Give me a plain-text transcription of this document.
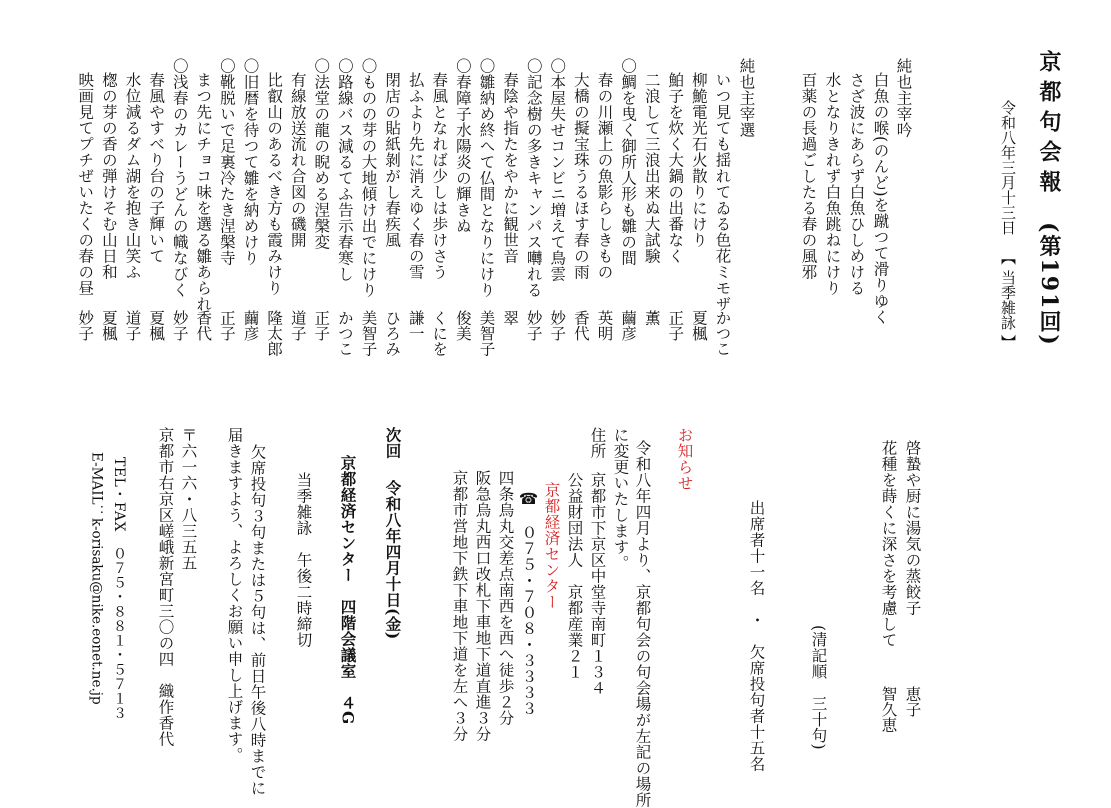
京都句会報
(第191回)
令和八年三月十三日
【 当季雑詠 】
純也主宰吟
白魚の喉(のんど)を蹴つて滑りゆく
さざ波にあらず白魚ひしめける
水となりきれず白魚跳ねにけり
百薬の長過ごしたる春の風邪
純也主宰選
いつ見ても揺れてゐる色花ミモザ
かつこ
柳鮠電光石火散りにけり
夏楓
鮊子を炊く大鍋の出番なく
正子
二浪して三浪出来ぬ大試験
薫
〇鯛を曳く御所人形も雛の間
繭彦
春の川瀬上の魚影らしきもの
英明
大橋の擬宝珠うるほす春の雨
香代
〇本屋失せコンビニ増えて鳥雲
妙子
〇記念樹の多きキャンパス囀れる
妙子
春陰や指たをやかに観世音
翠
〇雛納め終へて仏間となりにけり
美智子
〇春障子水陽炎の輝きぬ
俊美
春風となれば少しは歩けさう
くにを
払ふより先に消えゆく春の雪
謙一
閉店の貼紙剝がし春疾風
ひろみ
〇ものの芽の大地傾け出でにけり
美智子
〇路線バス減るてふ告示春寒し
かつこ
〇法堂の龍の睨める涅槃変
正子
有線放送流れ合図の磯開
道子
比叡山のあるべき方も霞みけり
隆太郎
〇旧暦を待つて雛を納めけり
繭彦
〇靴脱いで足裏冷たき涅槃寺
正子
まつ先にチョコ味を選る雛あられ
香代
〇浅春のカレーうどんの幟なびく
妙子
春風やすべり台の子輝いて
夏楓
水位減るダム湖を抱き山笑ふ
道子
楤の芽の香の弾けそむ山日和
夏楓
映画見てプチぜいたくの春の昼
妙子
啓蟄や厨に湯気の蒸餃子
恵子
花種を蒔くに深さを考慮して
智久恵
(清記順　三十句)
出席者十一名　・　欠席投句者十五名
お知らせ
令和八年四月より、京都句会の句会場が左記の場所
に変更いたします。
住所
京都市下京区中堂寺南町１３４
公益財団法人　京都産業２１
京都経済センター
☎　０７５・７０８・３３３３
四条烏丸交差点南西を西へ徒歩２分
阪急烏丸西口改札下車地下道直進３分
京都市営地下鉄下車地下道を左へ３分
次回
令和八年四月十日(金)
京都経済センター　四階会議室　４G
当季雑詠　午後二時締切
欠席投句３句または５句は、前日午後八時までに
届きますよう、よろしくお願い申し上げます。
〒六一六・八三五五
京都市右京区嵯峨新宮町三〇の四　織作香代
TEL・FAX　０７５・８８１・５７１３
E-MAIL：k-orisaku@nike.eonet.ne.jp
